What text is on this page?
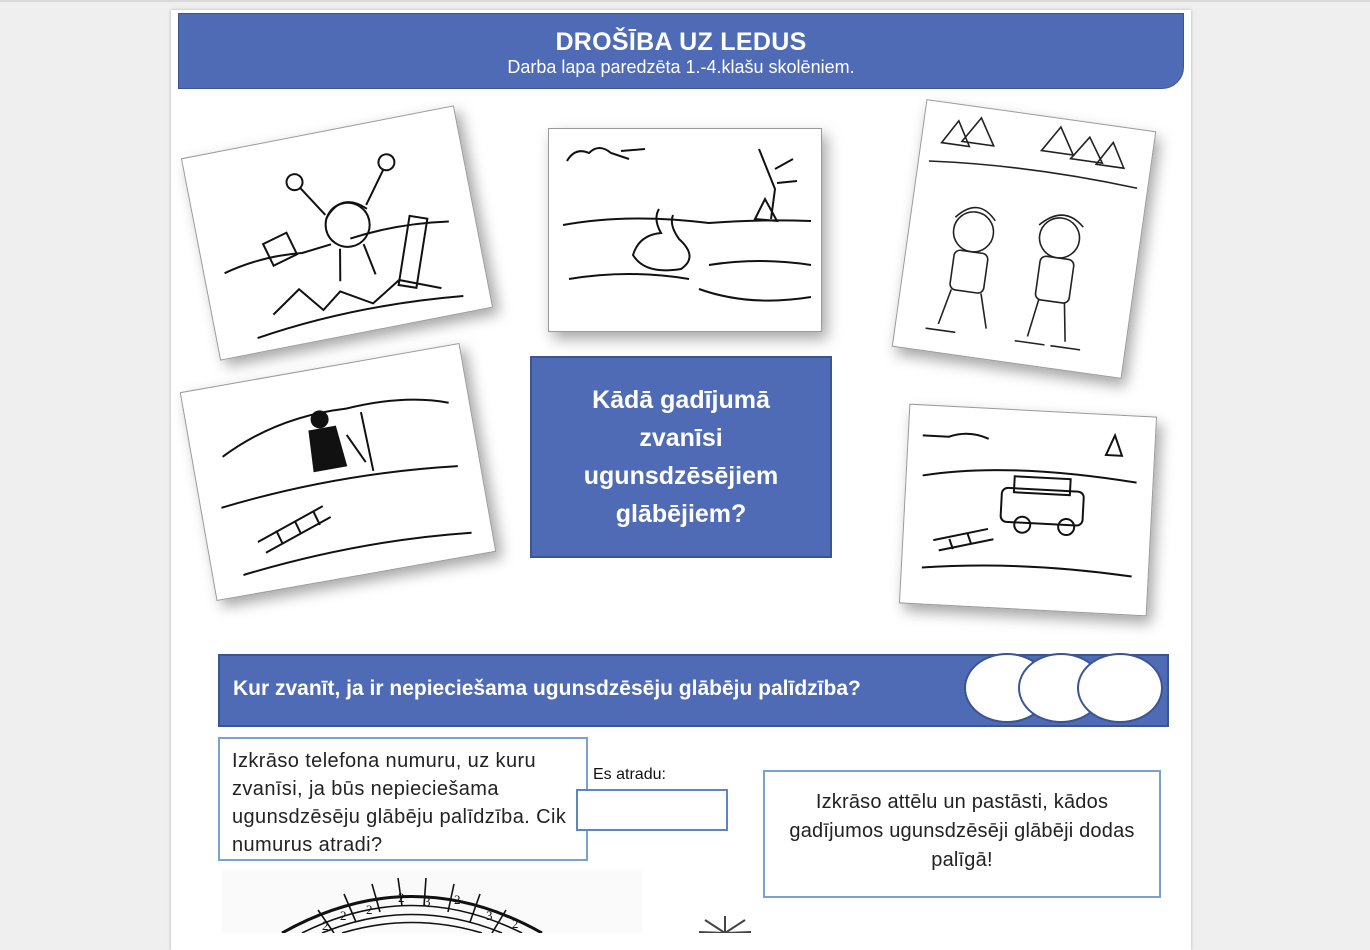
DROŠĪBA UZ LEDUS
Darba lapa paredzēta 1.-4.klašu skolēniem.
Kādā gadījumā zvanīsi ugunsdzēsējiem glābējiem?
Kur zvanīt, ja ir nepieciešama ugunsdzēsēju glābēju palīdzība?
Izkrāso telefona numuru, uz kuru zvanīsi, ja būs nepieciešama ugunsdzēsēju glābēju palīdzība. Cik numurus atradi?
Es atradu:
Izkrāso attēlu un pastāsti, kādos gadījumos ugunsdzēsēji glābēji dodas palīgā!
2 2
2 3 2
3
2
2
